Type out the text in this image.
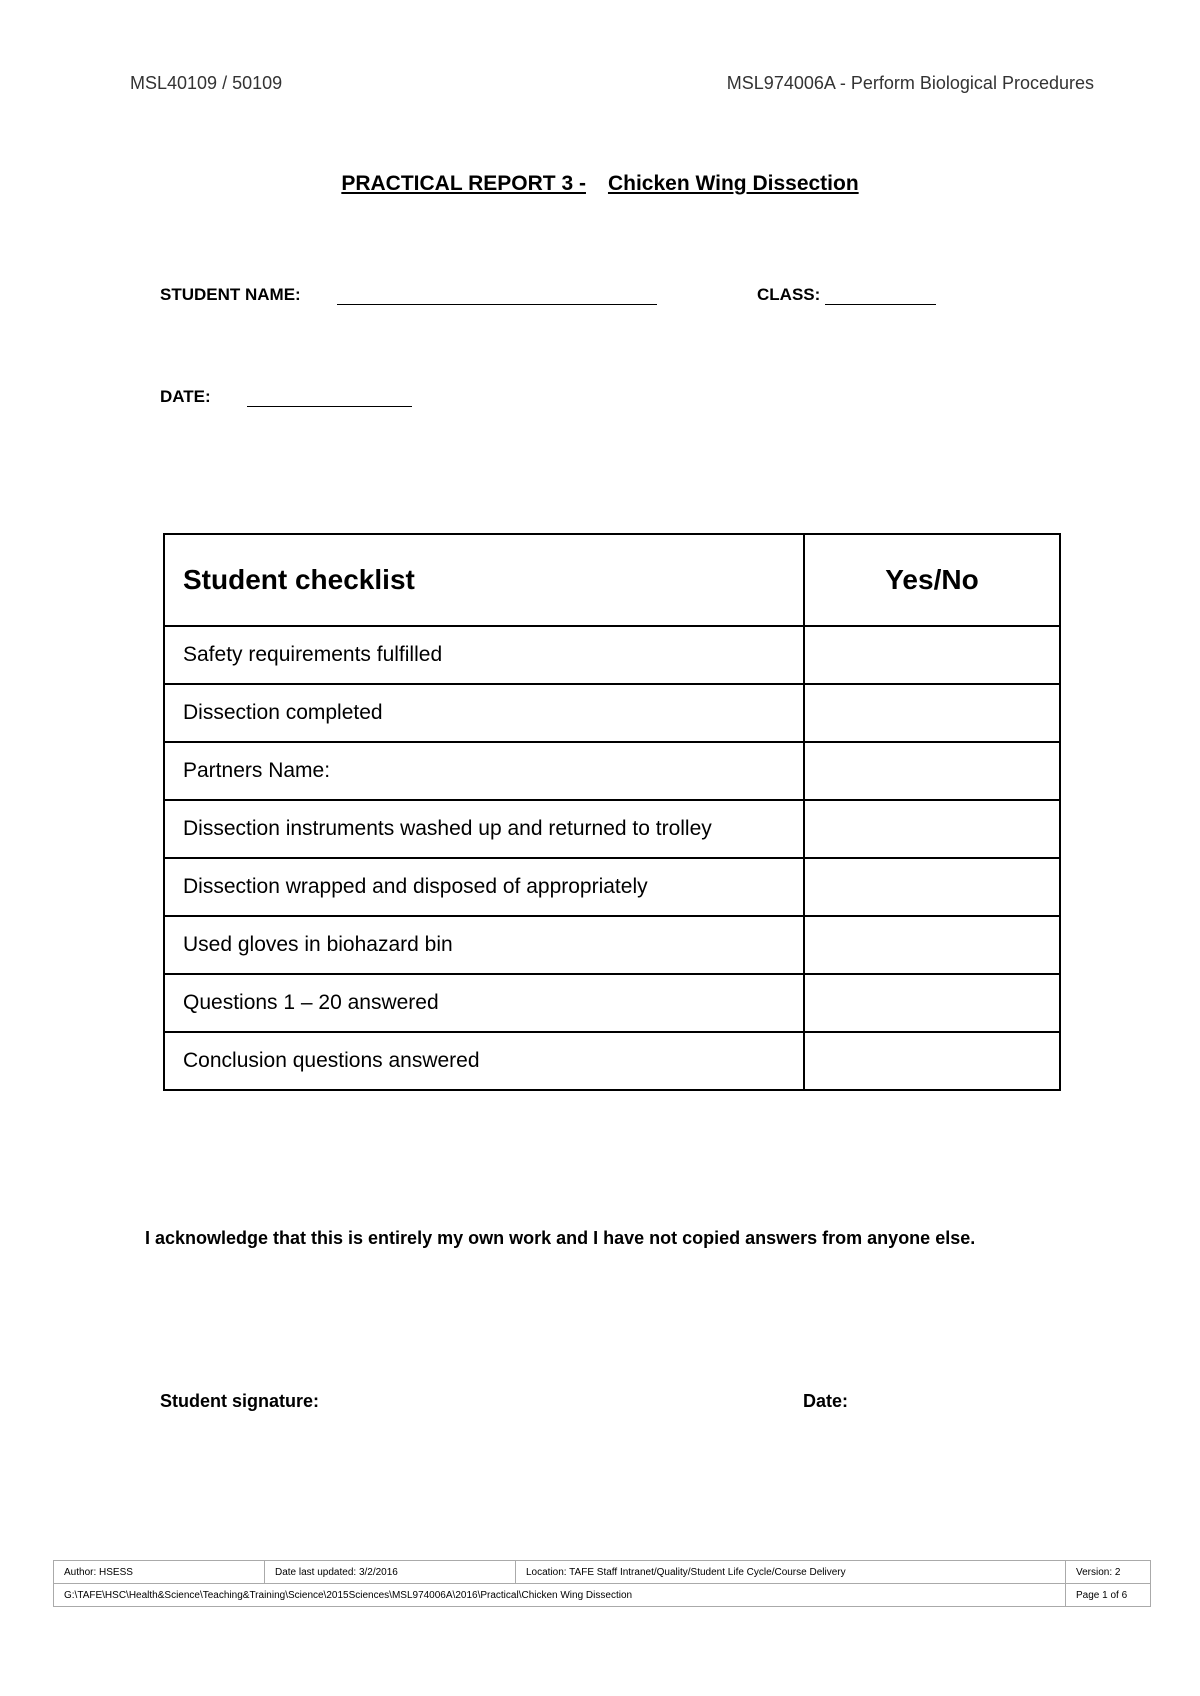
MSL40109 / 50109	MSL974006A - Perform Biological Procedures
PRACTICAL REPORT 3 - Chicken Wing Dissection
STUDENT NAME:	CLASS:
DATE:
Student checklist	Yes/No
Safety requirements fulfilled	
Dissection completed	
Partners Name:	
Dissection instruments washed up and returned to trolley	
Dissection wrapped and disposed of appropriately	
Used gloves in biohazard bin	
Questions 1 – 20 answered	
Conclusion questions answered	
I acknowledge that this is entirely my own work and I have not copied answers from anyone else.
Student signature:	Date:
Author: HSESS	Date last updated: 3/2/2016	Location: TAFE Staff Intranet/Quality/Student Life Cycle/Course Delivery	Version: 2
G:\TAFE\HSC\Health&Science\Teaching&Training\Science\2015Sciences\MSL974006A\2016\Practical\Chicken Wing Dissection			Page 1 of 6
